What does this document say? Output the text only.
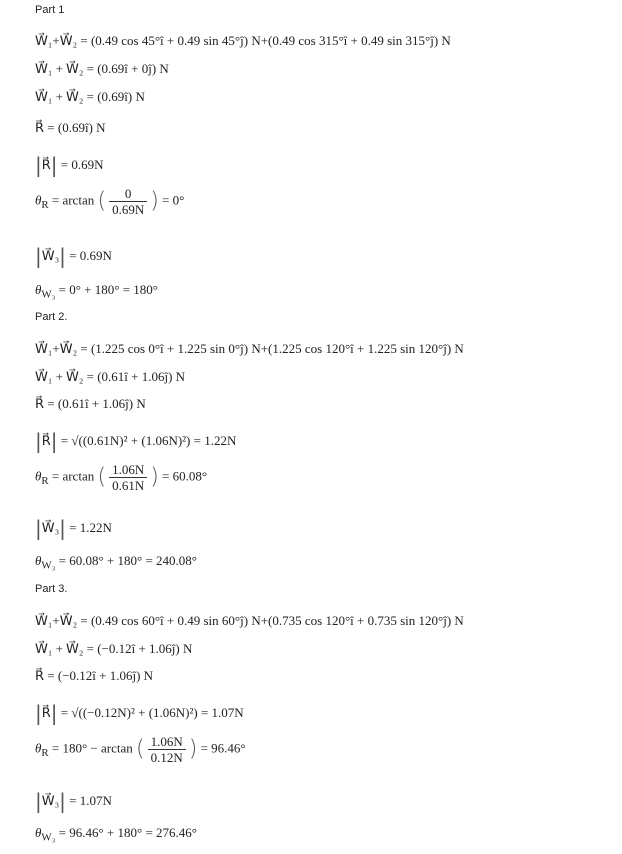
Part 1
W⃗₁+W⃗₂ = (0.49 cos 45°î + 0.49 sin 45°ĵ) N+(0.49 cos 315°î + 0.49 sin 315°ĵ) N
W⃗₁ + W⃗₂ = (0.69î + 0ĵ) N
W⃗₁ + W⃗₂ = (0.69î) N
R⃗ = (0.69î) N
|R⃗| = 0.69N
$\theta_R = \arctan$ ( $\frac{0}{0.69N}$ ) = 0°
|W⃗₃| = 0.69N
$\theta_{W_3} = 0^\circ + 180^\circ = 180^\circ$
Part 2.
W⃗₁+W⃗₂ = (1.225 cos 0°î + 1.225 sin 0°ĵ) N+(1.225 cos 120°î + 1.225 sin 120°ĵ) N
W⃗₁ + W⃗₂ = (0.61î + 1.06ĵ) N
R⃗ = (0.61î + 1.06ĵ) N
|R⃗| = √((0.61N)² + (1.06N)²) = 1.22N
$\theta_R = \arctan$ ( $\frac{1.06N}{0.61N}$ ) = 60.08°
|W⃗₃| = 1.22N
$\theta_{W_3} = 60.08^\circ + 180^\circ = 240.08^\circ$
Part 3.
W⃗₁+W⃗₂ = (0.49 cos 60°î + 0.49 sin 60°ĵ) N+(0.735 cos 120°î + 0.735 sin 120°ĵ) N
W⃗₁ + W⃗₂ = (−0.12î + 1.06ĵ) N
R⃗ = (−0.12î + 1.06ĵ) N
|R⃗| = √((−0.12N)² + (1.06N)²) = 1.07N
$\theta_R = 180^\circ - \arctan$ ( $\frac{1.06N}{0.12N}$ ) = 96.46°
|W⃗₃| = 1.07N
$\theta_{W_3} = 96.46^\circ + 180^\circ = 276.46^\circ$
